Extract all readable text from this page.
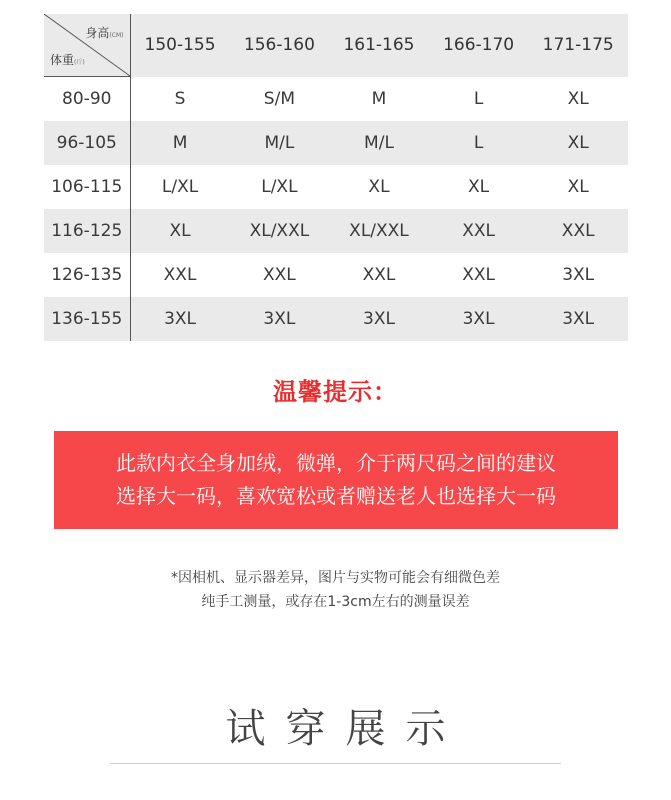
身高(CM)
体重(斤)	150-155	156-160	161-165	166-170	171-175
80-90	S	S/M	M	L	XL
96-105	M	M/L	M/L	L	XL
106-115	L/XL	L/XL	XL	XL	XL
116-125	XL	XL/XXL	XL/XXL	XXL	XXL
126-135	XXL	XXL	XXL	XXL	3XL
136-155	3XL	3XL	3XL	3XL	3XL
温馨提示：
此款内衣全身加绒，微弹，介于两尺码之间的建议
选择大一码，喜欢宽松或者赠送老人也选择大一码
*因相机、显示器差异，图片与实物可能会有细微色差
纯手工测量，或存在1-3cm左右的测量误差
试穿展示
